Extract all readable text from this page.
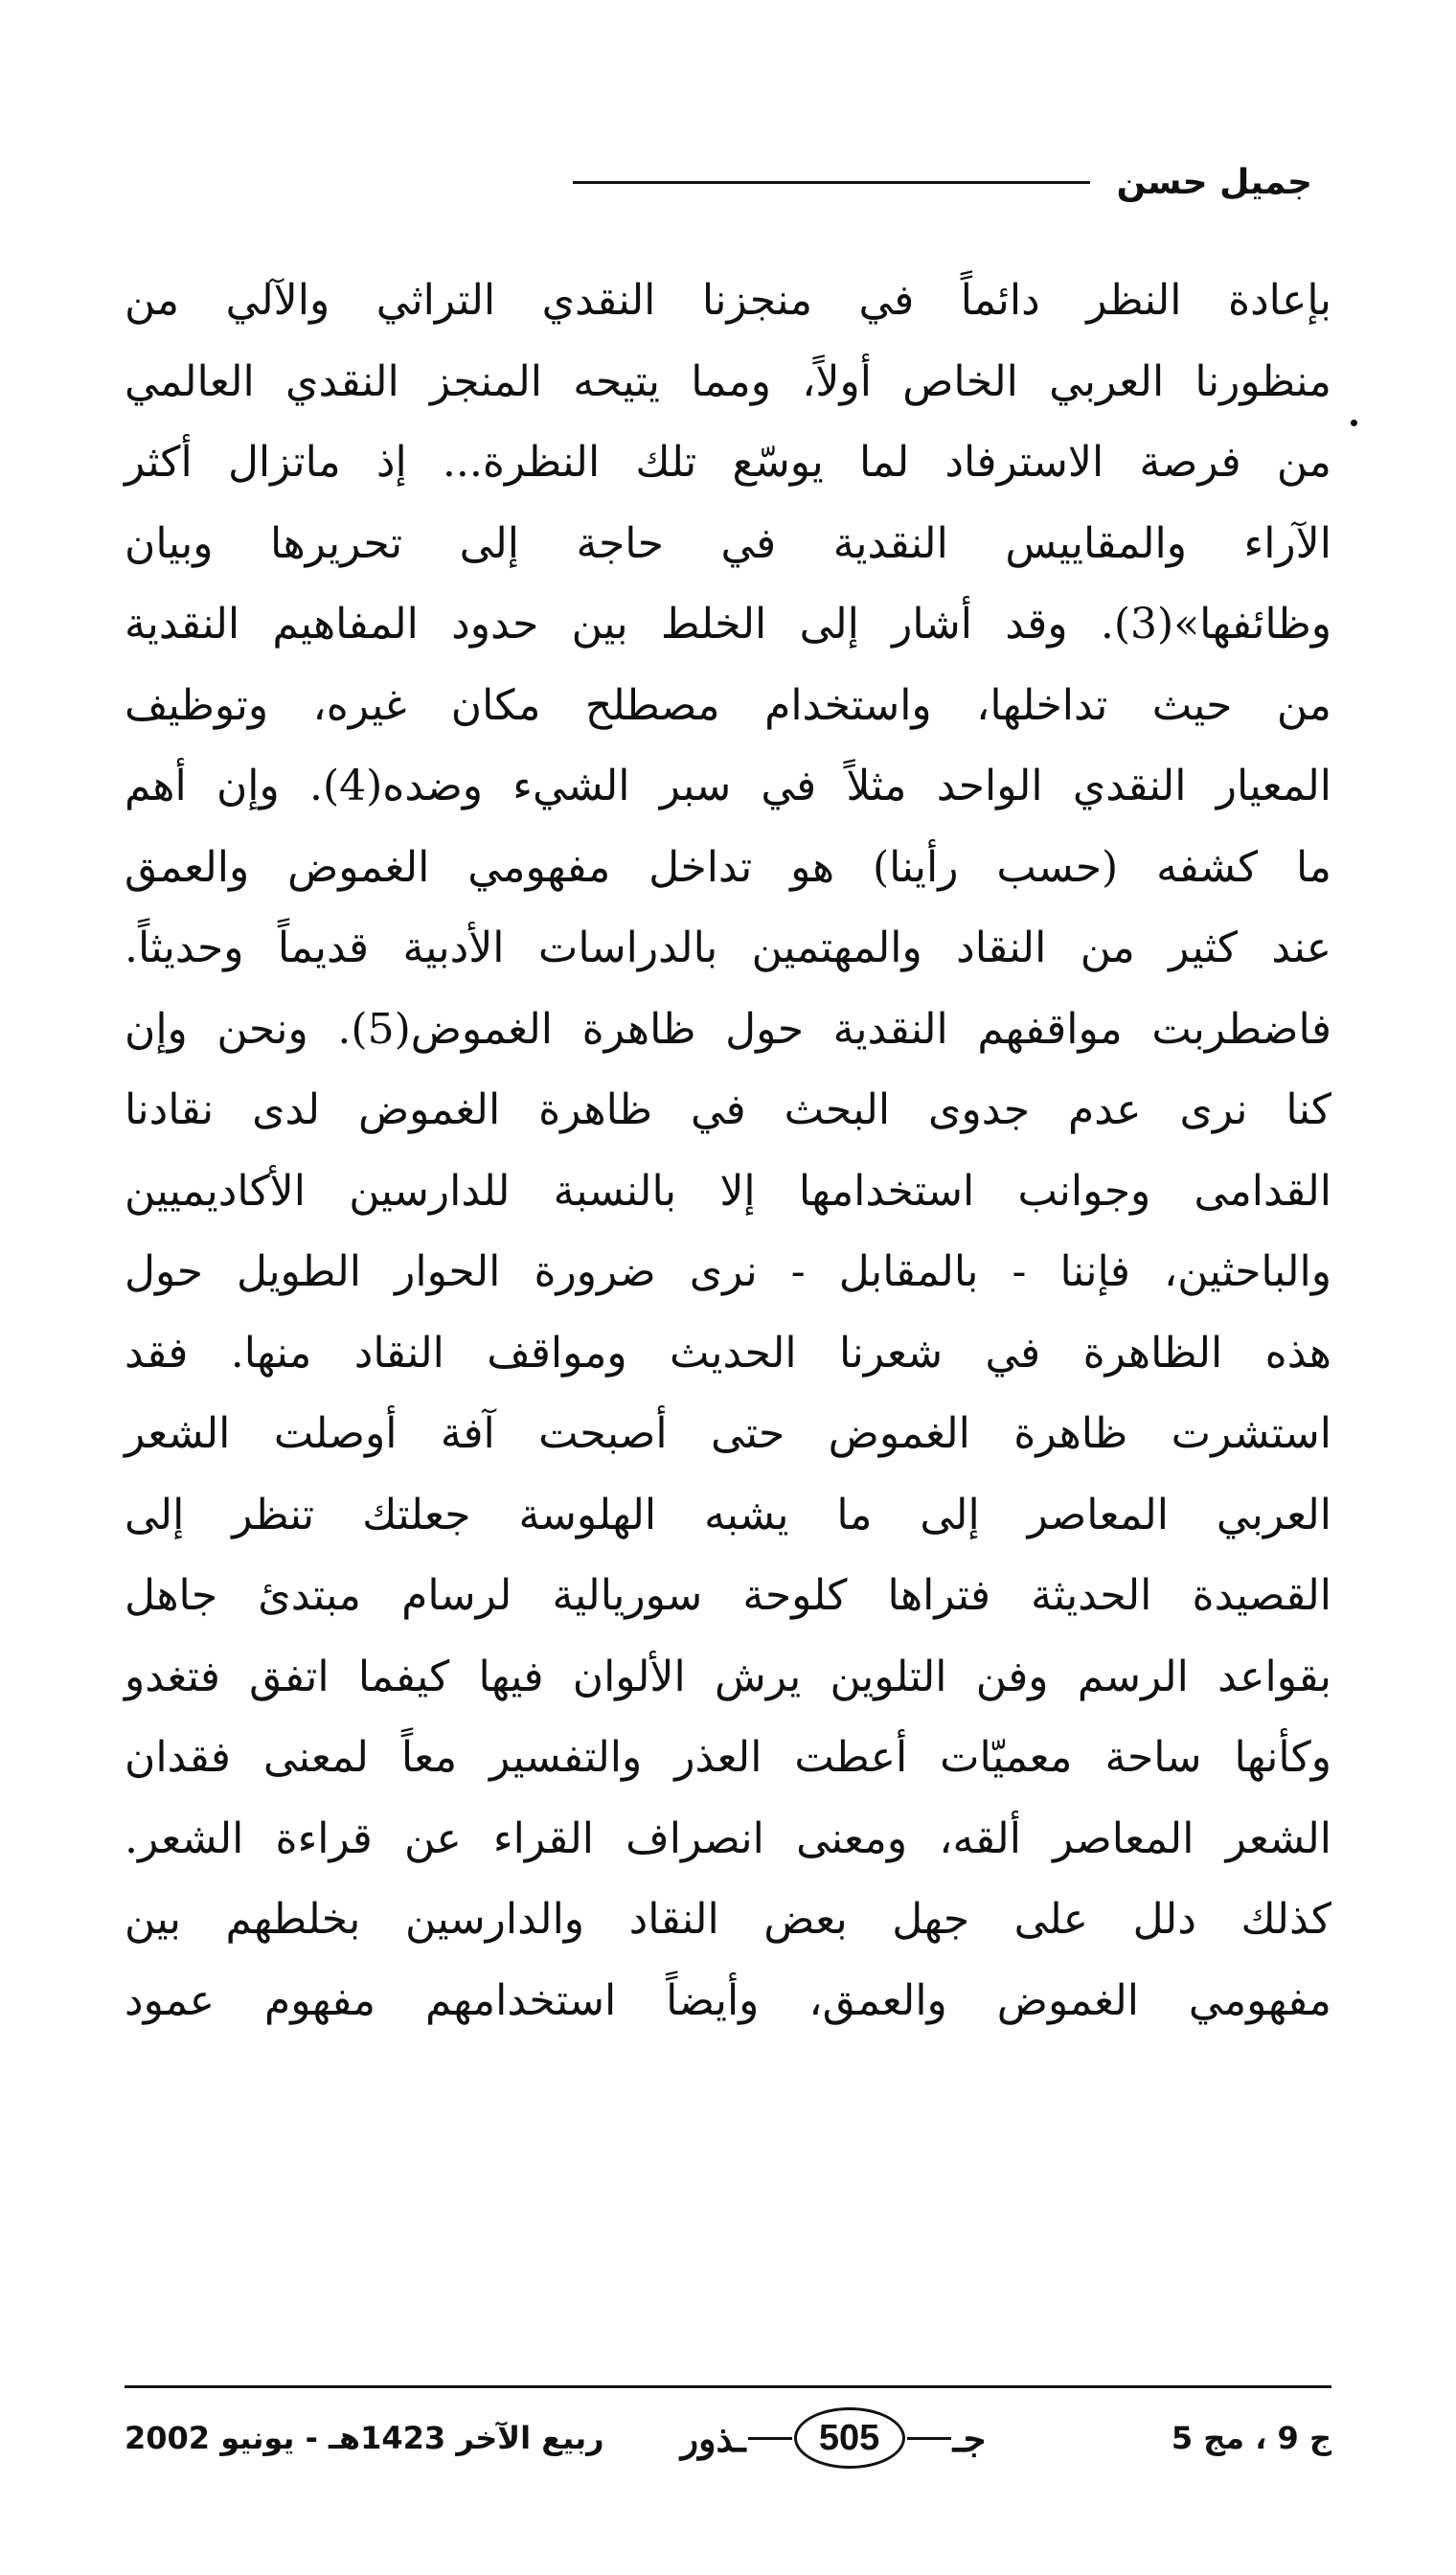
جميل حسن
بإعادة النظر دائماً في منجزنا النقدي التراثي والآلي من
منظورنا العربي الخاص أولاً، ومما يتيحه المنجز النقدي العالمي
من فرصة الاسترفاد لما يوسّع تلك النظرة... إذ ماتزال أكثر
الآراء والمقاييس النقدية في حاجة إلى تحريرها وبيان
وظائفها»(3). وقد أشار إلى الخلط بين حدود المفاهيم النقدية
من حيث تداخلها، واستخدام مصطلح مكان غيره، وتوظيف
المعيار النقدي الواحد مثلاً في سبر الشيء وضده(4). وإن أهم
ما كشفه (حسب رأينا) هو تداخل مفهومي الغموض والعمق
عند كثير من النقاد والمهتمين بالدراسات الأدبية قديماً وحديثاً.
فاضطربت مواقفهم النقدية حول ظاهرة الغموض(5). ونحن وإن
كنا نرى عدم جدوى البحث في ظاهرة الغموض لدى نقادنا
القدامى وجوانب استخدامها إلا بالنسبة للدارسين الأكاديميين
والباحثين، فإننا - بالمقابل - نرى ضرورة الحوار الطويل حول
هذه الظاهرة في شعرنا الحديث ومواقف النقاد منها. فقد
استشرت ظاهرة الغموض حتى أصبحت آفة أوصلت الشعر
العربي المعاصر إلى ما يشبه الهلوسة جعلتك تنظر إلى
القصيدة الحديثة فتراها كلوحة سوريالية لرسام مبتدئ جاهل
بقواعد الرسم وفن التلوين يرش الألوان فيها كيفما اتفق فتغدو
وكأنها ساحة معميّات أعطت العذر والتفسير معاً لمعنى فقدان
الشعر المعاصر ألقه، ومعنى انصراف القراء عن قراءة الشعر.
كذلك دلل على جهل بعض النقاد والدارسين بخلطهم بين
مفهومي الغموض والعمق، وأيضاً استخدامهم مفهوم عمود
ربيع الآخر 1423هـ - يونيو 2002	ـذور	505	جـ	ج 9 ، مج 5
